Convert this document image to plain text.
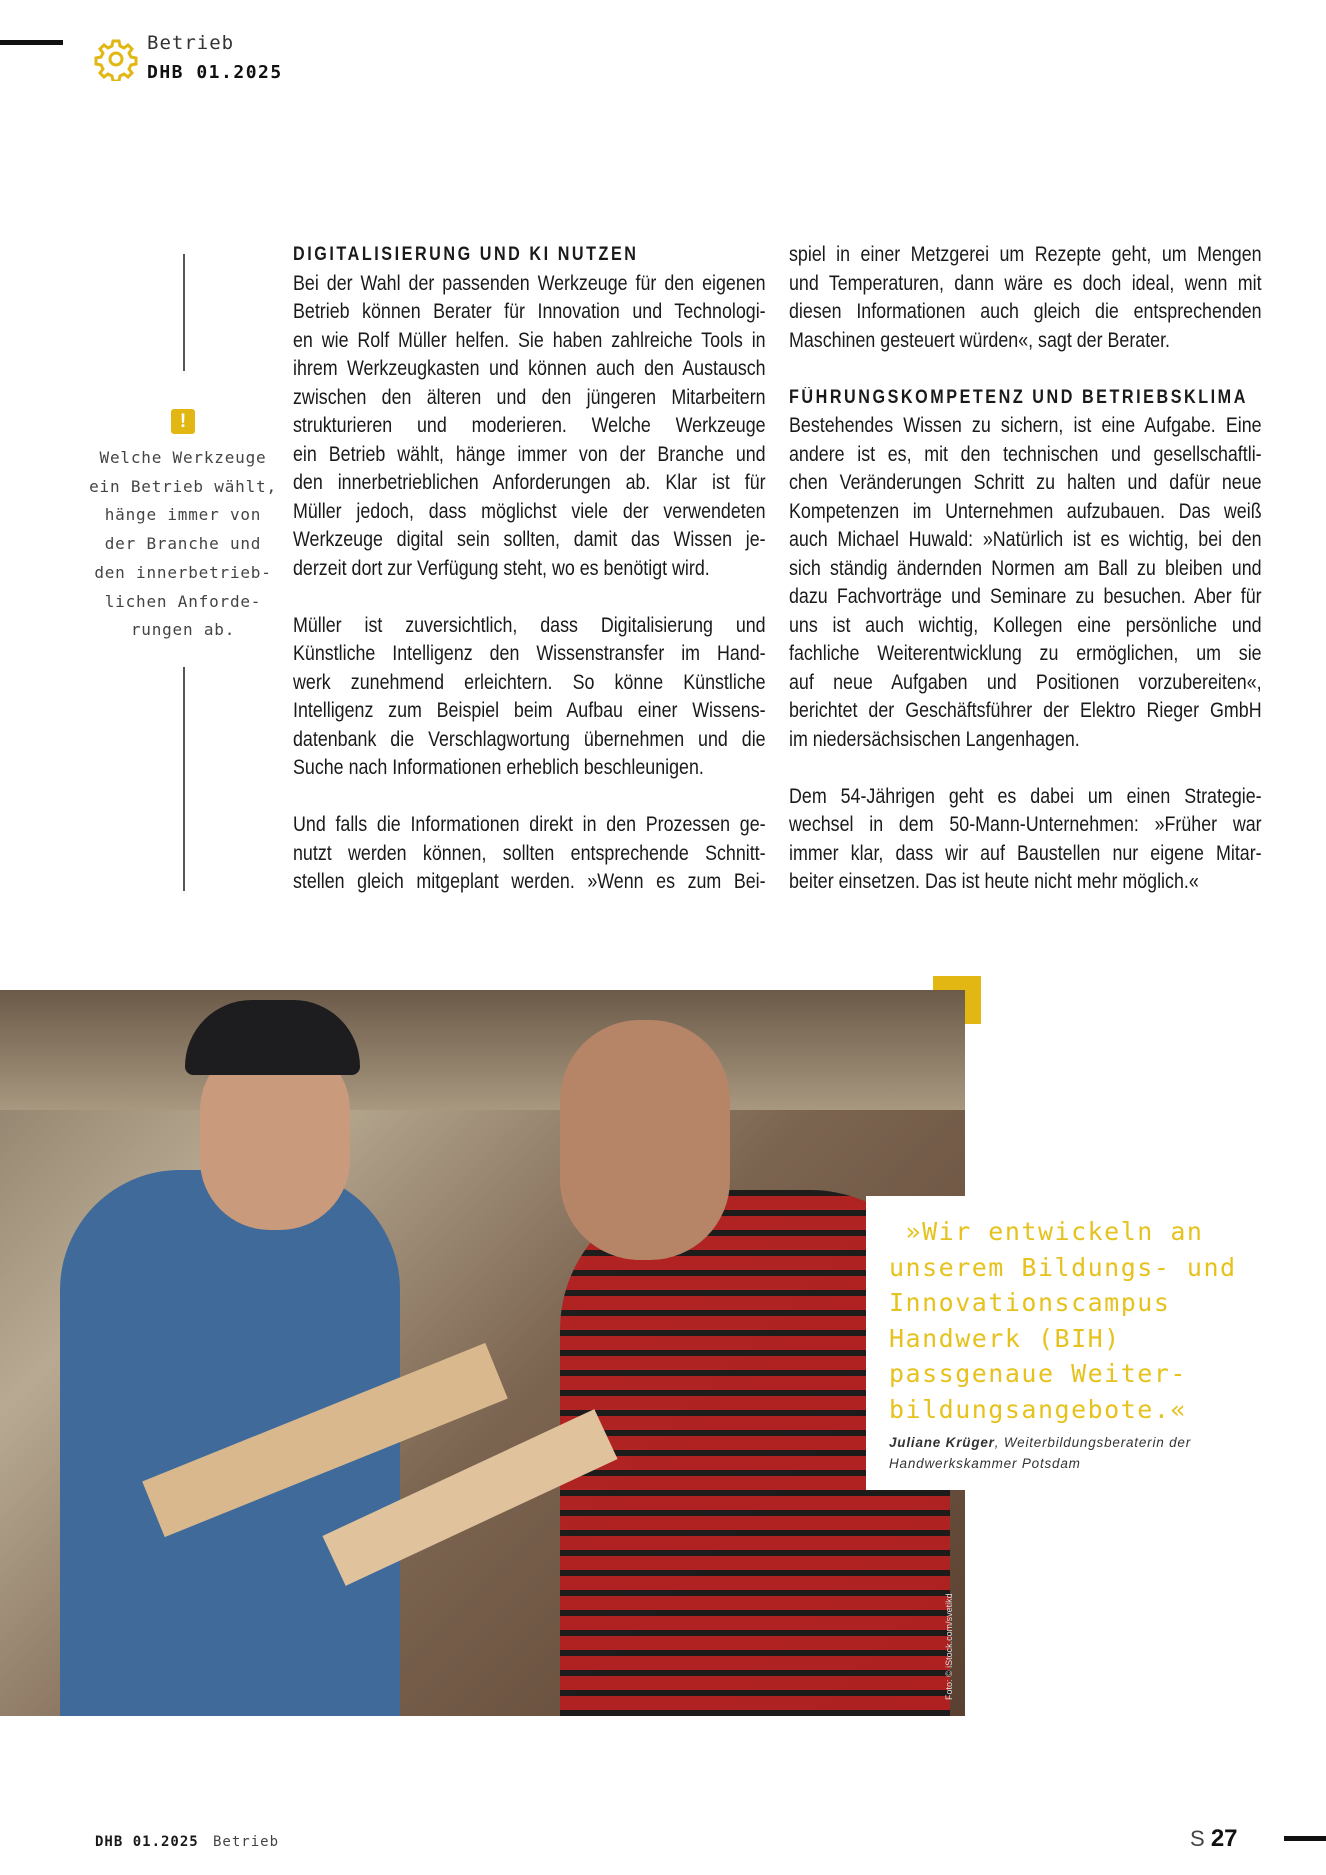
Betrieb
DHB 01.2025
!
Welche Werkzeuge
ein Betrieb wählt,
hänge immer von
der Branche und
den innerbetrieb-
lichen Anforde-
rungen ab.
DIGITALISIERUNG UND KI NUTZEN
Bei der Wahl der passenden Werkzeuge für den eigenen
Betrieb können Berater für Innovation und Technologi-
en wie Rolf Müller helfen. Sie haben zahlreiche Tools in
ihrem Werkzeugkasten und können auch den Austausch
zwischen den älteren und den jüngeren Mitarbeitern
strukturieren und moderieren. Welche Werkzeuge
ein Betrieb wählt, hänge immer von der Branche und
den innerbetrieblichen Anforderungen ab. Klar ist für
Müller jedoch, dass möglichst viele der verwendeten
Werkzeuge digital sein sollten, damit das Wissen je-
derzeit dort zur Verfügung steht, wo es benötigt wird.
Müller ist zuversichtlich, dass Digitalisierung und
Künstliche Intelligenz den Wissenstransfer im Hand-
werk zunehmend erleichtern. So könne Künstliche
Intelligenz zum Beispiel beim Aufbau einer Wissens-
datenbank die Verschlagwortung übernehmen und die
Suche nach Informationen erheblich beschleunigen.
Und falls die Informationen direkt in den Prozessen ge-
nutzt werden können, sollten entsprechende Schnitt-
stellen gleich mitgeplant werden. »Wenn es zum Bei-
spiel in einer Metzgerei um Rezepte geht, um Mengen
und Temperaturen, dann wäre es doch ideal, wenn mit
diesen Informationen auch gleich die entsprechenden
Maschinen gesteuert würden«, sagt der Berater.
FÜHRUNGSKOMPETENZ UND BETRIEBSKLIMA
Bestehendes Wissen zu sichern, ist eine Aufgabe. Eine
andere ist es, mit den technischen und gesellschaftli-
chen Veränderungen Schritt zu halten und dafür neue
Kompetenzen im Unternehmen aufzubauen. Das weiß
auch Michael Huwald: »Natürlich ist es wichtig, bei den
sich ständig ändernden Normen am Ball zu bleiben und
dazu Fachvorträge und Seminare zu besuchen. Aber für
uns ist auch wichtig, Kollegen eine persönliche und
fachliche Weiterentwicklung zu ermöglichen, um sie
auf neue Aufgaben und Positionen vorzubereiten«,
berichtet der Geschäftsführer der Elektro Rieger GmbH
im niedersächsischen Langenhagen.
Dem 54-Jährigen geht es dabei um einen Strategie-
wechsel in dem 50-Mann-Unternehmen: »Früher war
immer klar, dass wir auf Baustellen nur eigene Mitar-
beiter einsetzen. Das ist heute nicht mehr möglich.«
Foto: © iStock.com/svetikd
»Wir entwickeln an
unserem Bildungs- und
Innovationscampus
Handwerk (BIH)
passgenaue Weiter-
bildungsangebote.«
Juliane Krüger, Weiterbildungsberaterin der Handwerkskammer Potsdam
DHB 01.2025 Betrieb	S 27
